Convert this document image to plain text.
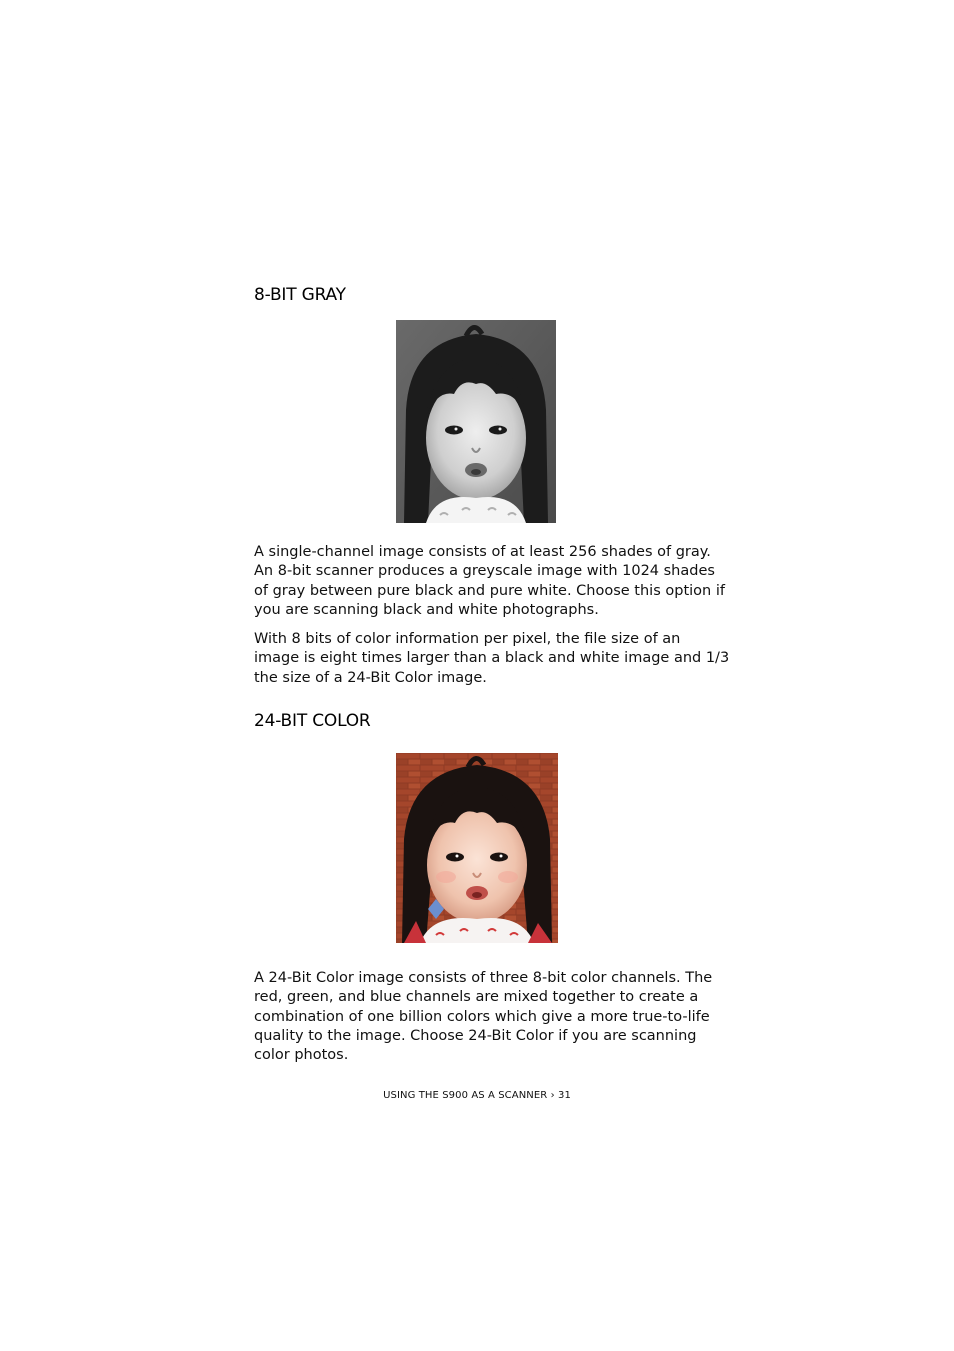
8-BIT GRAY

A single-channel image consists of at least 256 shades of gray. An 8-bit scanner produces a greyscale image with 1024 shades of gray between pure black and pure white. Choose this option if you are scanning black and white photographs.

With 8 bits of color information per pixel, the file size of an image is eight times larger than a black and white image and 1/3 the size of a 24-Bit Color image.

24-BIT COLOR

A 24-Bit Color image consists of three 8-bit color channels. The red, green, and blue channels are mixed together to create a combination of one billion colors which give a more true-to-life quality to the image. Choose 24-Bit Color if you are scanning color photos.

USING THE S900 AS A SCANNER › 31
